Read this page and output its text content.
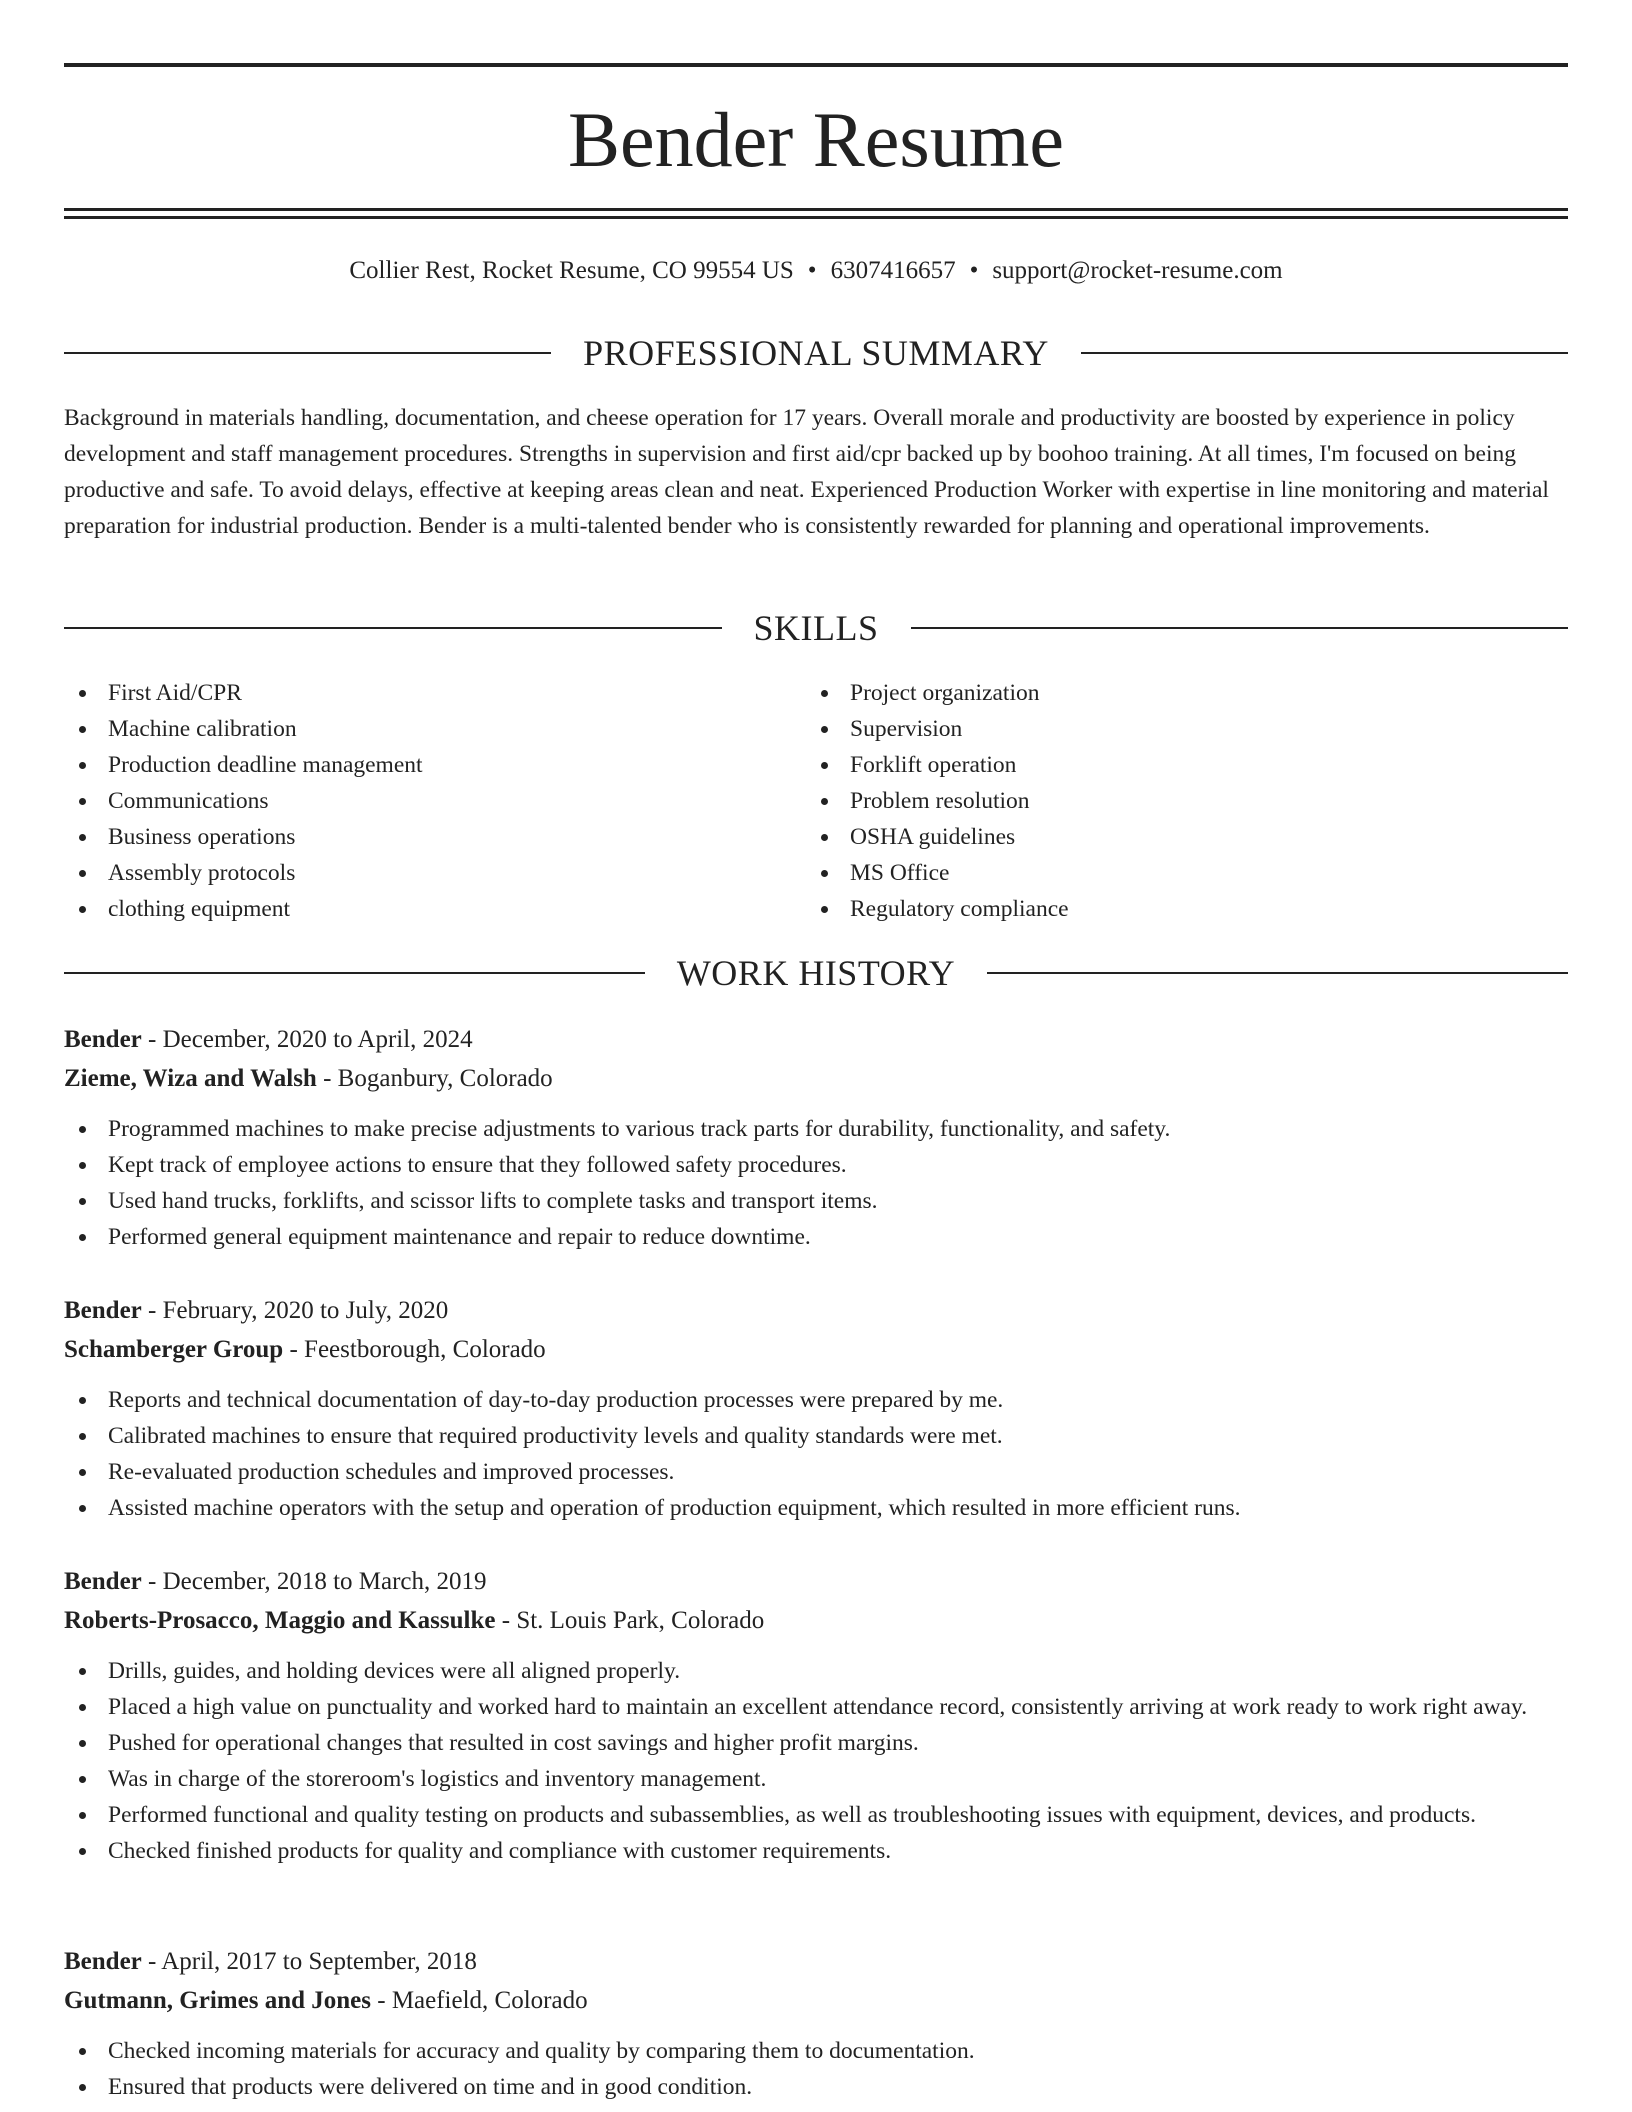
Bender Resume
Collier Rest, Rocket Resume, CO 99554 US • 6307416657 • support@rocket-resume.com
PROFESSIONAL SUMMARY

Background in materials handling, documentation, and cheese operation for 17 years. Overall morale and productivity are boosted by experience in policy development and staff management procedures. Strengths in supervision and first aid/cpr backed up by boohoo training. At all times, I'm focused on being productive and safe. To avoid delays, effective at keeping areas clean and neat. Experienced Production Worker with expertise in line monitoring and material preparation for industrial production. Bender is a multi-talented bender who is consistently rewarded for planning and operational improvements.

SKILLS
First Aid/CPR
Machine calibration
Production deadline management
Communications
Business operations
Assembly protocols
clothing equipment
Project organization
Supervision
Forklift operation
Problem resolution
OSHA guidelines
MS Office
Regulatory compliance
WORK HISTORY
Bender - December, 2020 to April, 2024
Zieme, Wiza and Walsh - Boganbury, Colorado
Programmed machines to make precise adjustments to various track parts for durability, functionality, and safety.
Kept track of employee actions to ensure that they followed safety procedures.
Used hand trucks, forklifts, and scissor lifts to complete tasks and transport items.
Performed general equipment maintenance and repair to reduce downtime.
Bender - February, 2020 to July, 2020
Schamberger Group - Feestborough, Colorado
Reports and technical documentation of day-to-day production processes were prepared by me.
Calibrated machines to ensure that required productivity levels and quality standards were met.
Re-evaluated production schedules and improved processes.
Assisted machine operators with the setup and operation of production equipment, which resulted in more efficient runs.
Bender - December, 2018 to March, 2019
Roberts-Prosacco, Maggio and Kassulke - St. Louis Park, Colorado
Drills, guides, and holding devices were all aligned properly.
Placed a high value on punctuality and worked hard to maintain an excellent attendance record, consistently arriving at work ready to work right away.
Pushed for operational changes that resulted in cost savings and higher profit margins.
Was in charge of the storeroom's logistics and inventory management.
Performed functional and quality testing on products and subassemblies, as well as troubleshooting issues with equipment, devices, and products.
Checked finished products for quality and compliance with customer requirements.
Bender - April, 2017 to September, 2018
Gutmann, Grimes and Jones - Maefield, Colorado
Checked incoming materials for accuracy and quality by comparing them to documentation.
Ensured that products were delivered on time and in good condition.
